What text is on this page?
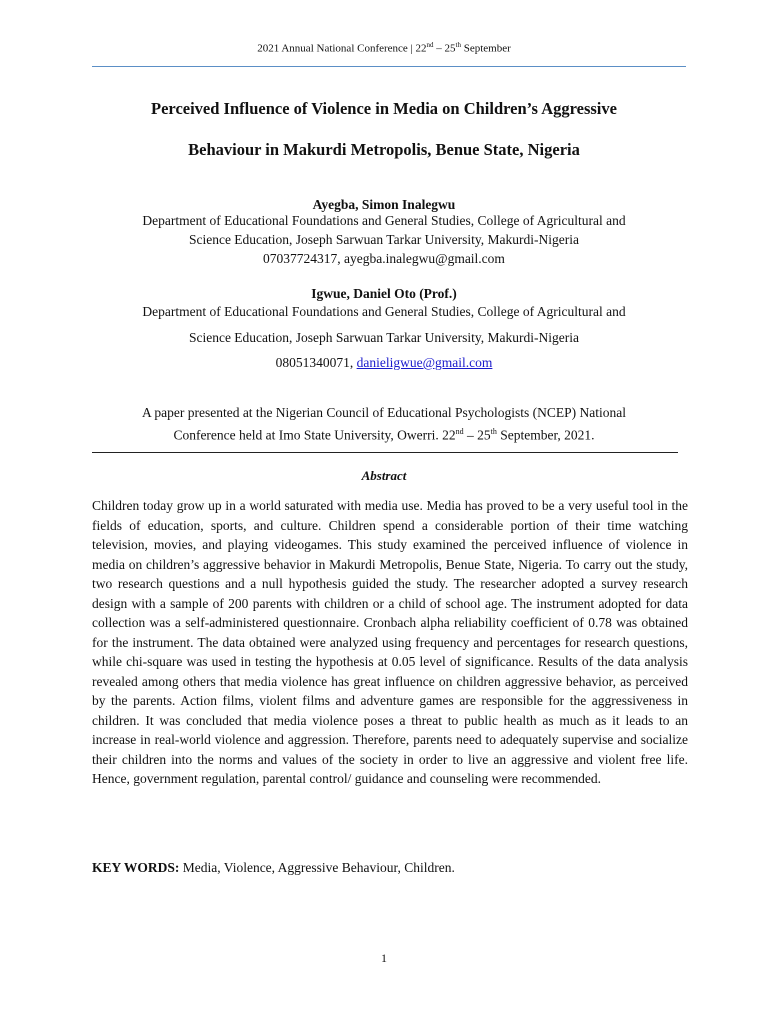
2021 Annual National Conference | 22nd – 25th September
Perceived Influence of Violence in Media on Children’s Aggressive
Behaviour in Makurdi Metropolis, Benue State, Nigeria
Ayegba, Simon Inalegwu
Department of Educational Foundations and General Studies, College of Agricultural and
Science Education, Joseph Sarwuan Tarkar University, Makurdi-Nigeria
07037724317, ayegba.inalegwu@gmail.com
Igwue, Daniel Oto (Prof.)
Department of Educational Foundations and General Studies, College of Agricultural and
Science Education, Joseph Sarwuan Tarkar University, Makurdi-Nigeria
08051340071, danieligwue@gmail.com
A paper presented at the Nigerian Council of Educational Psychologists (NCEP) National
Conference held at Imo State University, Owerri. 22nd – 25th September, 2021.
Abstract

Children today grow up in a world saturated with media use. Media has proved to be a very useful tool in the fields of education, sports, and culture. Children spend a considerable portion of their time watching television, movies, and playing videogames. This study examined the perceived influence of violence in media on children’s aggressive behavior in Makurdi Metropolis, Benue State, Nigeria. To carry out the study, two research questions and a null hypothesis guided the study. The researcher adopted a survey research design with a sample of 200 parents with children or a child of school age. The instrument adopted for data collection was a self-administered questionnaire. Cronbach alpha reliability coefficient of 0.78 was obtained for the instrument. The data obtained were analyzed using frequency and percentages for research questions, while chi-square was used in testing the hypothesis at 0.05 level of significance. Results of the data analysis revealed among others that media violence has great influence on children aggressive behavior, as perceived by the parents. Action films, violent films and adventure games are responsible for the aggressiveness in children. It was concluded that media violence poses a threat to public health as much as it leads to an increase in real-world violence and aggression. Therefore, parents need to adequately supervise and socialize their children into the norms and values of the society in order to live an aggressive and violent free life. Hence, government regulation, parental control/ guidance and counseling were recommended.

KEY WORDS: Media, Violence, Aggressive Behaviour, Children.
1
